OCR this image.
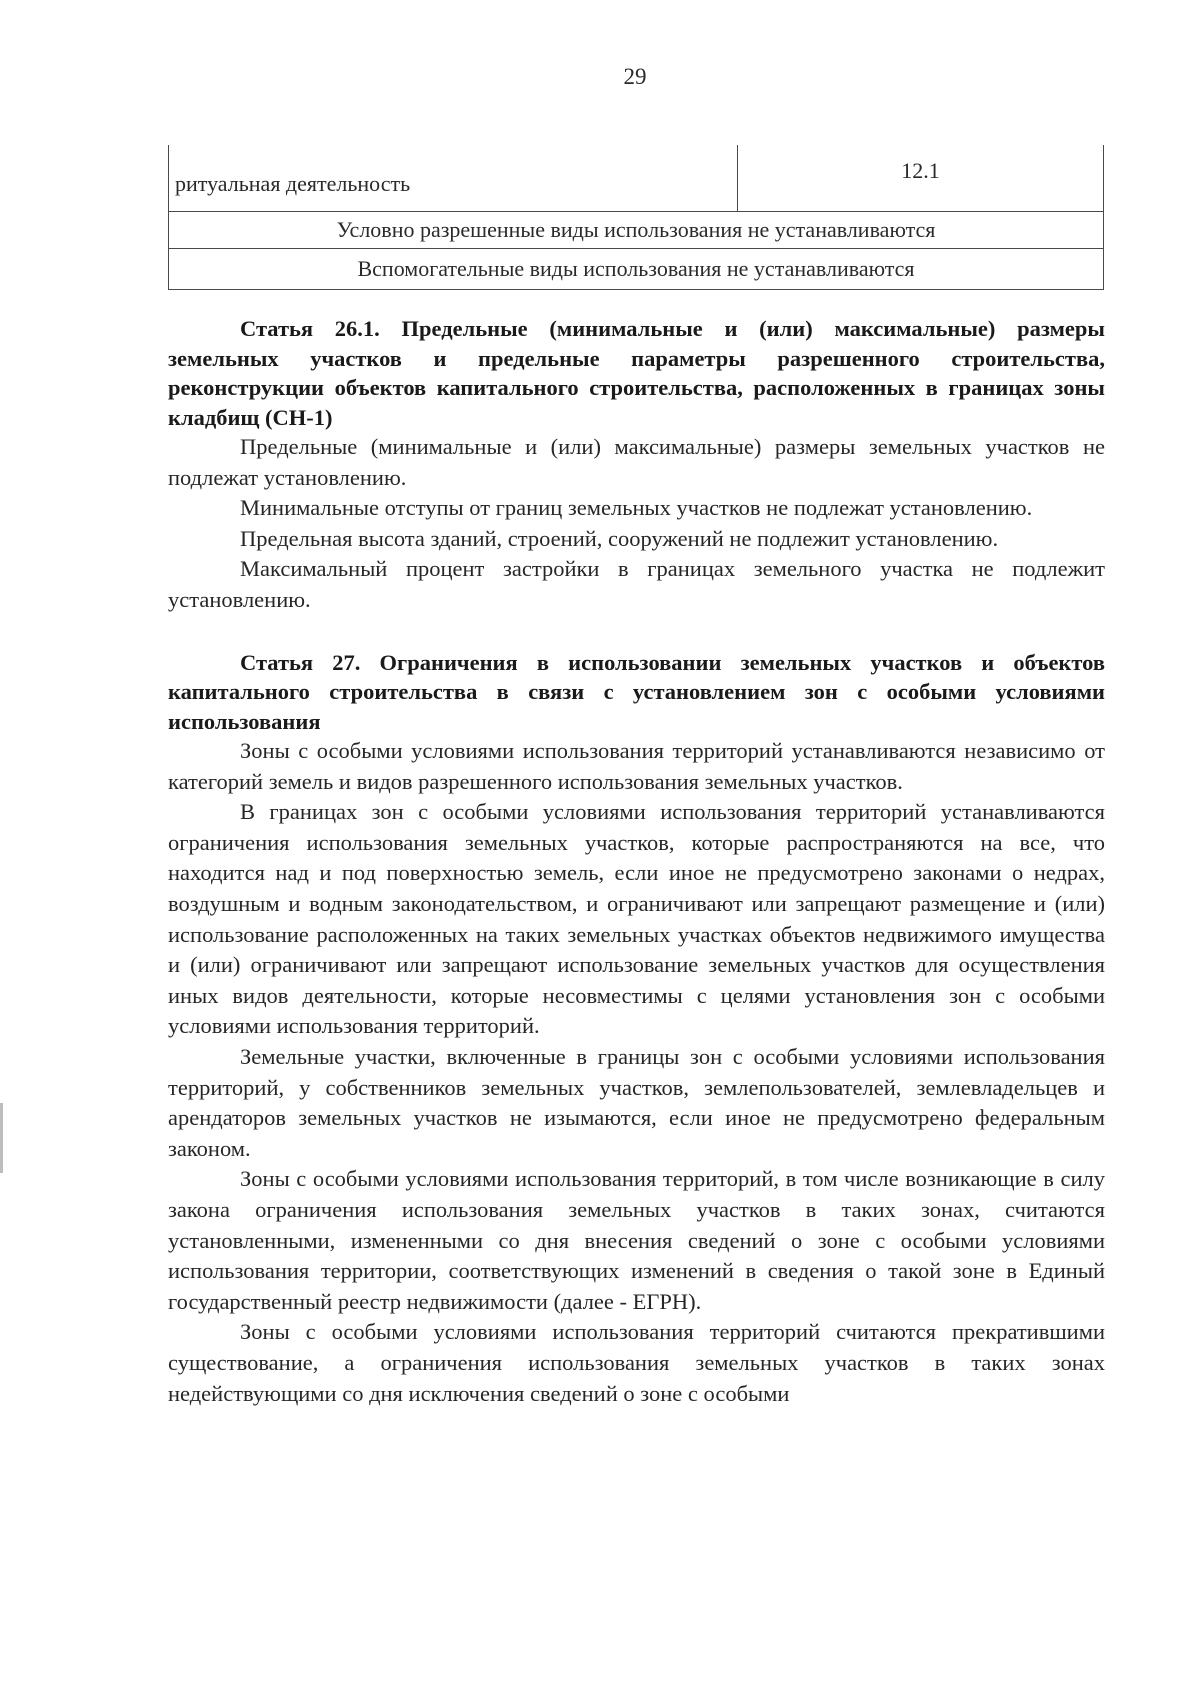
29
ритуальная деятельность	12.1
Условно разрешенные виды использования не устанавливаются
Вспомогательные виды использования не устанавливаются

Статья 26.1. Предельные (минимальные и (или) максимальные) размеры земельных участков и предельные параметры разрешенного строительства, реконструкции объектов капитального строительства, расположенных в границах зоны кладбищ (СН-1)

Предельные (минимальные и (или) максимальные) размеры земельных участков не подлежат установлению.

Минимальные отступы от границ земельных участков не подлежат установлению.

Предельная высота зданий, строений, сооружений не подлежит установлению.

Максимальный процент застройки в границах земельного участка не подлежит установлению.

Статья 27. Ограничения в использовании земельных участков и объектов капитального строительства в связи с установлением зон с особыми условиями использования

Зоны с особыми условиями использования территорий устанавливаются независимо от категорий земель и видов разрешенного использования земельных участков.

В границах зон с особыми условиями использования территорий устанавливаются ограничения использования земельных участков, которые распространяются на все, что находится над и под поверхностью земель, если иное не предусмотрено законами о недрах, воздушным и водным законодательством, и ограничивают или запрещают размещение и (или) использование расположенных на таких земельных участках объектов недвижимого имущества и (или) ограничивают или запрещают использование земельных участков для осуществления иных видов деятельности, которые несовместимы с целями установления зон с особыми условиями использования территорий.

Земельные участки, включенные в границы зон с особыми условиями использования территорий, у собственников земельных участков, землепользователей, землевладельцев и арендаторов земельных участков не изымаются, если иное не предусмотрено федеральным законом.

Зоны с особыми условиями использования территорий, в том числе возникающие в силу закона ограничения использования земельных участков в таких зонах, считаются установленными, измененными со дня внесения сведений о зоне с особыми условиями использования территории, соответствующих изменений в сведения о такой зоне в Единый государственный реестр недвижимости (далее - ЕГРН).

Зоны с особыми условиями использования территорий считаются прекратившими существование, а ограничения использования земельных участков в таких зонах недействующими со дня исключения сведений о зоне с особыми
